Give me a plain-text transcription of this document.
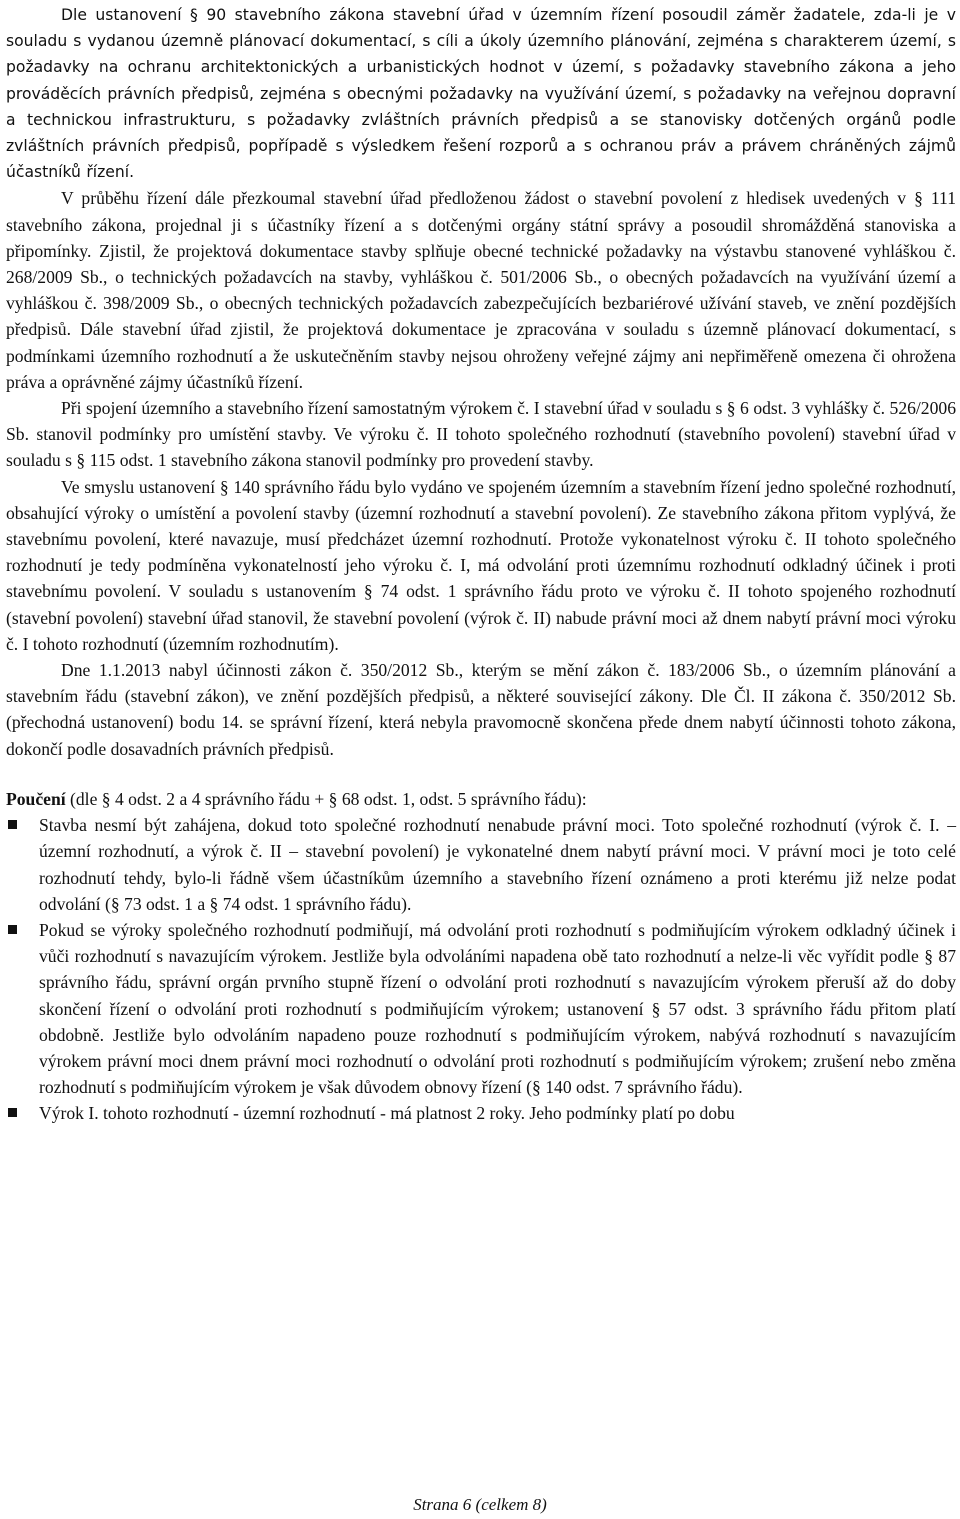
Dle ustanovení § 90 stavebního zákona stavební úřad v územním řízení posoudil záměr žadatele, zda-li je v souladu s vydanou územně plánovací dokumentací, s cíli a úkoly územního plánování, zejména s charakterem území, s požadavky na ochranu architektonických a urbanistických hodnot v území, s požadavky stavebního zákona a jeho prováděcích právních předpisů, zejména s obecnými požadavky na využívání území, s požadavky na veřejnou dopravní a technickou infrastrukturu, s požadavky zvláštních právních předpisů a se stanovisky dotčených orgánů podle zvláštních právních předpisů, popřípadě s výsledkem řešení rozporů a s ochranou práv a právem chráněných zájmů účastníků řízení.

V průběhu řízení dále přezkoumal stavební úřad předloženou žádost o stavební povolení z hledisek uvedených v § 111 stavebního zákona, projednal ji s účastníky řízení a s dotčenými orgány státní správy a posoudil shromážděná stanoviska a připomínky. Zjistil, že projektová dokumentace stavby splňuje obecné technické požadavky na výstavbu stanovené vyhláškou č. 268/2009 Sb., o technických požadavcích na stavby, vyhláškou č. 501/2006 Sb., o obecných požadavcích na využívání území a vyhláškou č. 398/2009 Sb., o obecných technických požadavcích zabezpečujících bezbariérové užívání staveb, ve znění pozdějších předpisů. Dále stavební úřad zjistil, že projektová dokumentace je zpracována v souladu s územně plánovací dokumentací, s podmínkami územního rozhodnutí a že uskutečněním stavby nejsou ohroženy veřejné zájmy ani nepřiměřeně omezena či ohrožena práva a oprávněné zájmy účastníků řízení.

Při spojení územního a stavebního řízení samostatným výrokem č. I stavební úřad v souladu s § 6 odst. 3 vyhlášky č. 526/2006 Sb. stanovil podmínky pro umístění stavby. Ve výroku č. II tohoto společného rozhodnutí (stavebního povolení) stavební úřad v souladu s § 115 odst. 1 stavebního zákona stanovil podmínky pro provedení stavby.

Ve smyslu ustanovení § 140 správního řádu bylo vydáno ve spojeném územním a stavebním řízení jedno společné rozhodnutí, obsahující výroky o umístění a povolení stavby (územní rozhodnutí a stavební povolení). Ze stavebního zákona přitom vyplývá, že stavebnímu povolení, které navazuje, musí předcházet územní rozhodnutí. Protože vykonatelnost výroku č. II tohoto společného rozhodnutí je tedy podmíněna vykonatelností jeho výroku č. I, má odvolání proti územnímu rozhodnutí odkladný účinek i proti stavebnímu povolení. V souladu s ustanovením § 74 odst. 1 správního řádu proto ve výroku č. II tohoto spojeného rozhodnutí (stavební povolení) stavební úřad stanovil, že stavební povolení (výrok č. II) nabude právní moci až dnem nabytí právní moci výroku č. I tohoto rozhodnutí (územním rozhodnutím).

Dne 1.1.2013 nabyl účinnosti zákon č. 350/2012 Sb., kterým se mění zákon č. 183/2006 Sb., o územním plánování a stavebním řádu (stavební zákon), ve znění pozdějších předpisů, a některé související zákony. Dle Čl. II zákona č. 350/2012 Sb. (přechodná ustanovení) bodu 14. se správní řízení, která nebyla pravomocně skončena přede dnem nabytí účinnosti tohoto zákona, dokončí podle dosavadních právních předpisů.

Poučení (dle § 4 odst. 2 a 4 správního řádu + § 68 odst. 1, odst. 5 správního řádu):

Stavba nesmí být zahájena, dokud toto společné rozhodnutí nenabude právní moci. Toto společné rozhodnutí (výrok č. I. – územní rozhodnutí, a výrok č. II – stavební povolení) je vykonatelné dnem nabytí právní moci. V právní moci je toto celé rozhodnutí tehdy, bylo-li řádně všem účastníkům územního a stavebního řízení oznámeno a proti kterému již nelze podat odvolání (§ 73 odst. 1 a § 74 odst. 1 správního řádu).
Pokud se výroky společného rozhodnutí podmiňují, má odvolání proti rozhodnutí s podmiňujícím výrokem odkladný účinek i vůči rozhodnutí s navazujícím výrokem. Jestliže byla odvoláními napadena obě tato rozhodnutí a nelze-li věc vyřídit podle § 87 správního řádu, správní orgán prvního stupně řízení o odvolání proti rozhodnutí s navazujícím výrokem přeruší až do doby skončení řízení o odvolání proti rozhodnutí s podmiňujícím výrokem; ustanovení § 57 odst. 3 správního řádu přitom platí obdobně. Jestliže bylo odvoláním napadeno pouze rozhodnutí s podmiňujícím výrokem, nabývá rozhodnutí s navazujícím výrokem právní moci dnem právní moci rozhodnutí o odvolání proti rozhodnutí s podmiňujícím výrokem; zrušení nebo změna rozhodnutí s podmiňujícím výrokem je však důvodem obnovy řízení (§ 140 odst. 7 správního řádu).
Výrok I. tohoto rozhodnutí - územní rozhodnutí - má platnost 2 roky. Jeho podmínky platí po dobu
Strana 6 (celkem 8)
